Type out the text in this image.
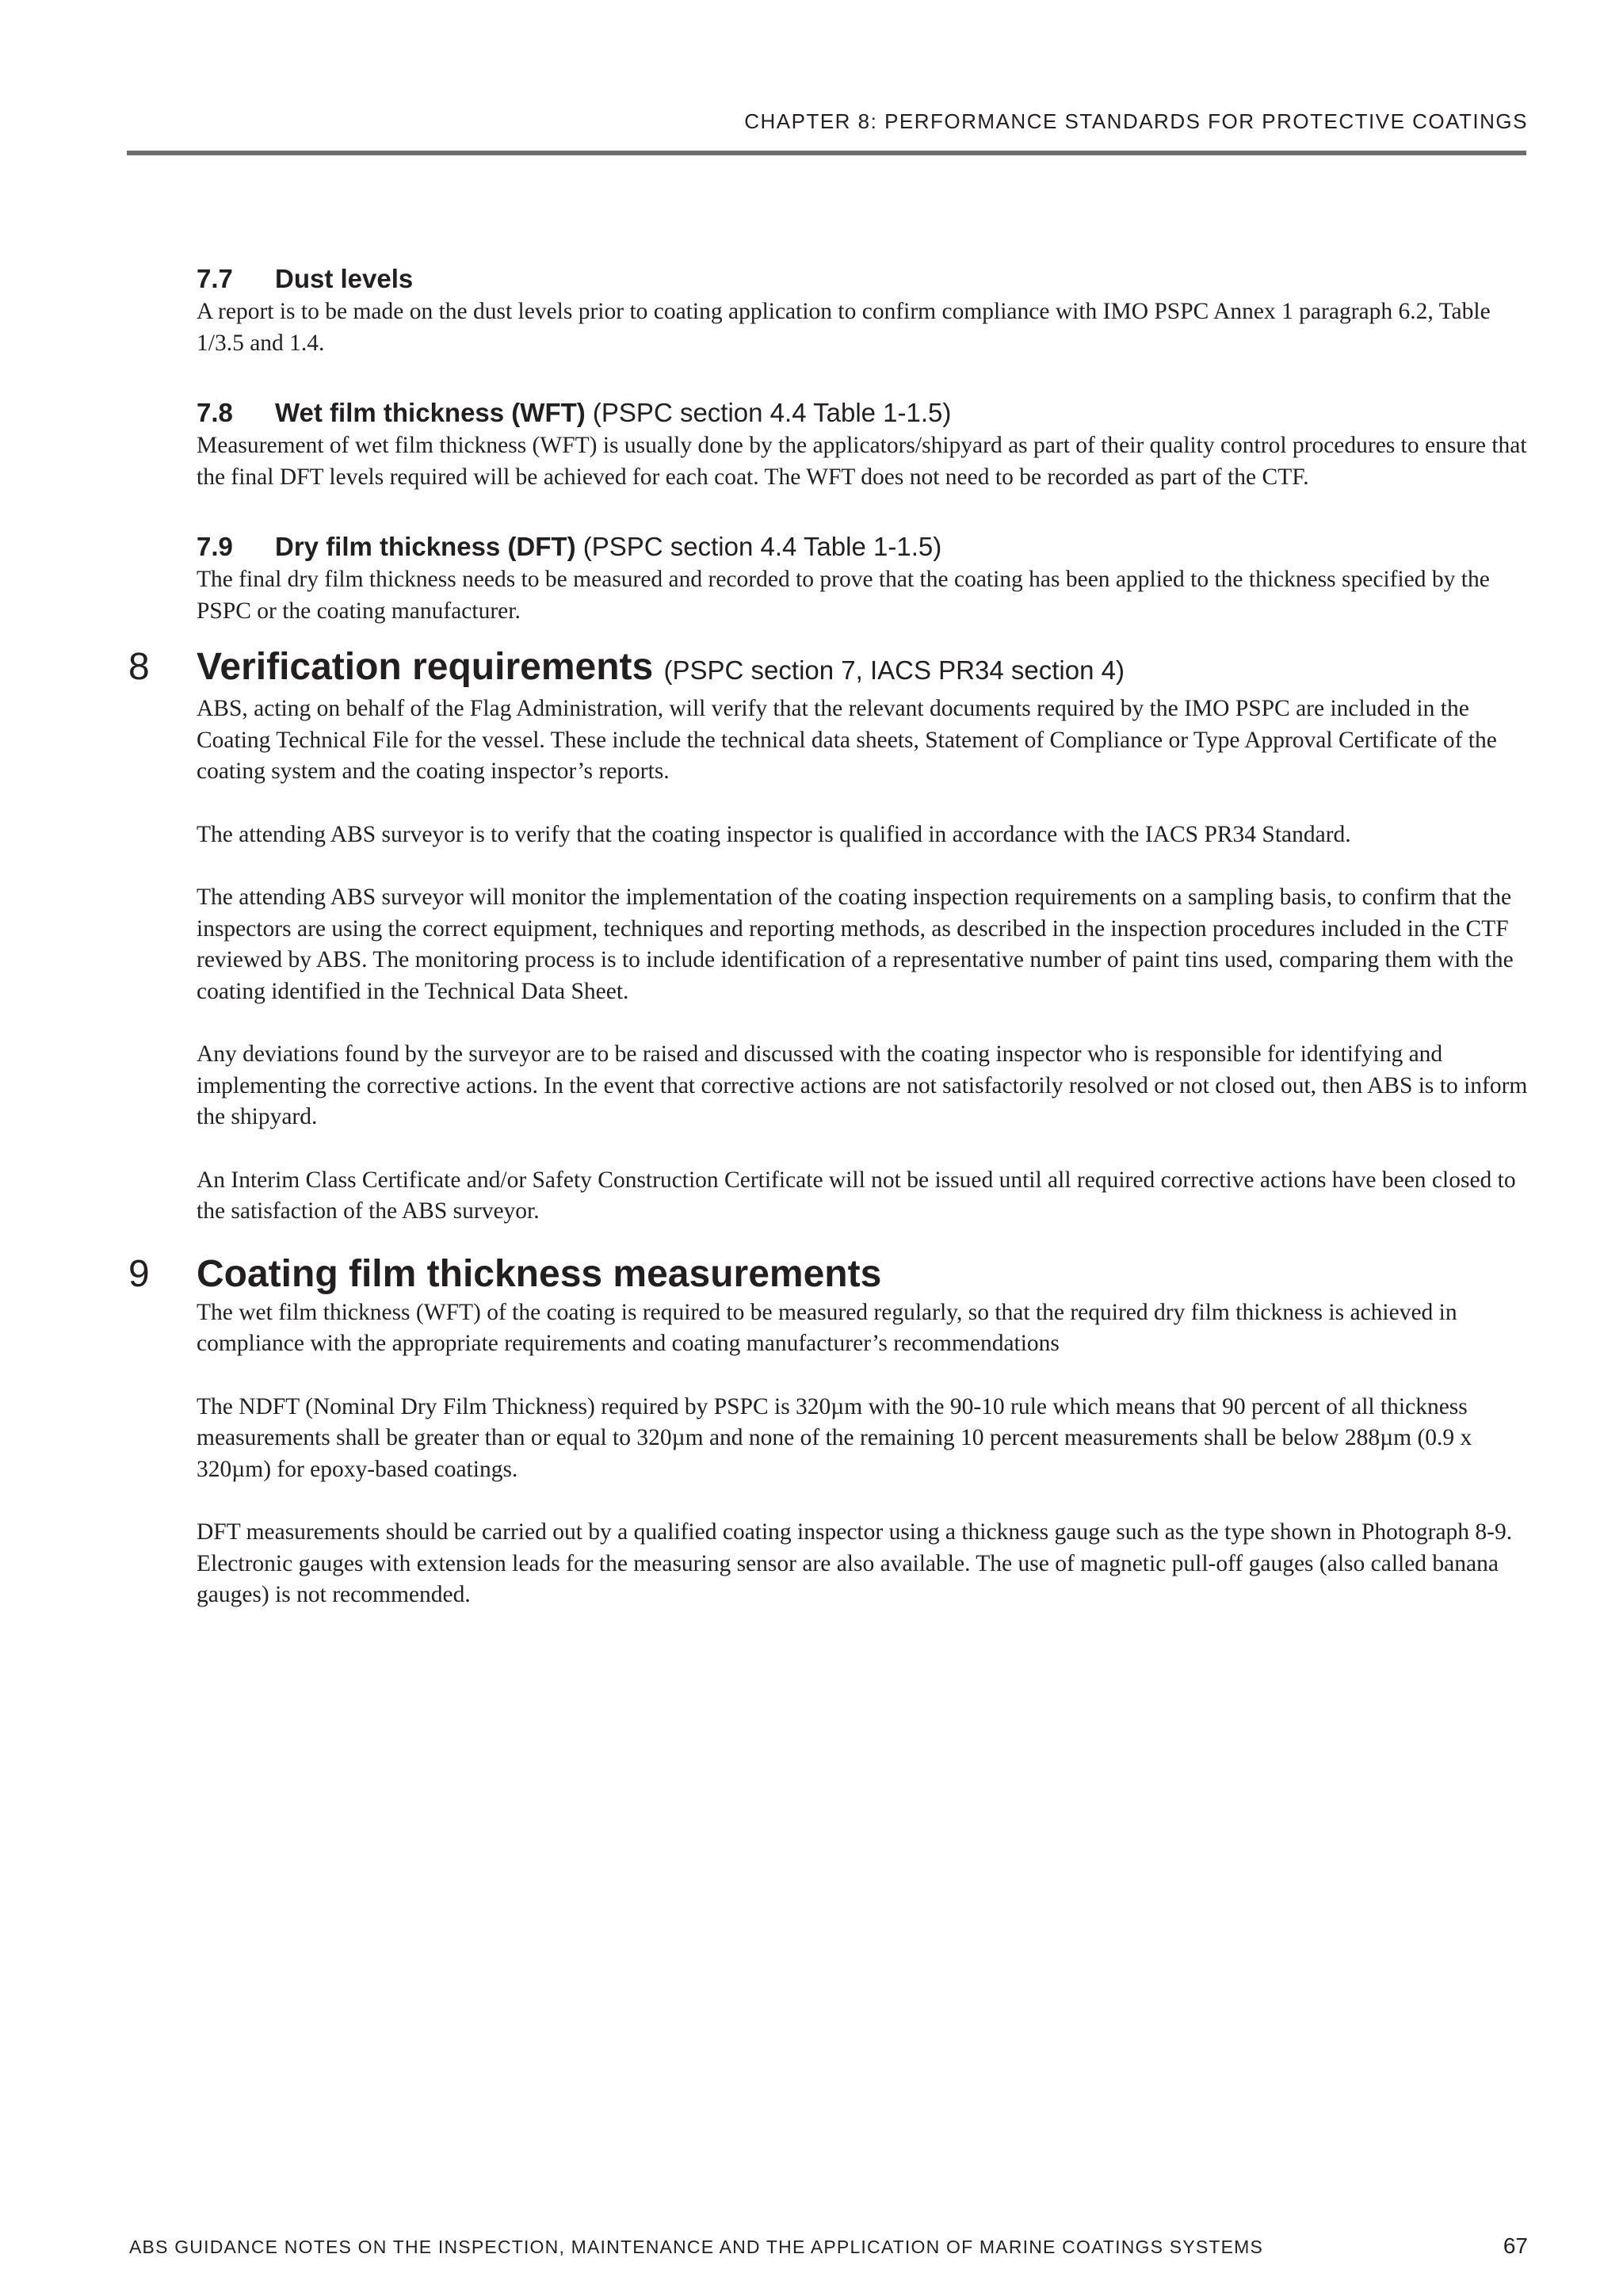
CHAPTER 8: PERFORMANCE STANDARDS FOR PROTECTIVE COATINGS
7.7 Dust levels

A report is to be made on the dust levels prior to coating application to confirm compliance with IMO PSPC Annex 1 paragraph 6.2, Table 1/3.5 and 1.4.

7.8 Wet film thickness (WFT) (PSPC section 4.4 Table 1-1.5)

Measurement of wet film thickness (WFT) is usually done by the applicators/shipyard as part of their quality control procedures to ensure that the final DFT levels required will be achieved for each coat. The WFT does not need to be recorded as part of the CTF.

7.9 Dry film thickness (DFT) (PSPC section 4.4 Table 1-1.5)

The final dry film thickness needs to be measured and recorded to prove that the coating has been applied to the thickness specified by the PSPC or the coating manufacturer.

8 Verification requirements (PSPC section 7, IACS PR34 section 4)

ABS, acting on behalf of the Flag Administration, will verify that the relevant documents required by the IMO PSPC are included in the Coating Technical File for the vessel. These include the technical data sheets, Statement of Compliance or Type Approval Certificate of the coating system and the coating inspector’s reports.

The attending ABS surveyor is to verify that the coating inspector is qualified in accordance with the IACS PR34 Standard.

The attending ABS surveyor will monitor the implementation of the coating inspection requirements on a sampling basis, to confirm that the inspectors are using the correct equipment, techniques and reporting methods, as described in the inspection procedures included in the CTF reviewed by ABS. The monitoring process is to include identification of a representative number of paint tins used, comparing them with the coating identified in the Technical Data Sheet.

Any deviations found by the surveyor are to be raised and discussed with the coating inspector who is responsible for identifying and implementing the corrective actions. In the event that corrective actions are not satisfactorily resolved or not closed out, then ABS is to inform the shipyard.

An Interim Class Certificate and/or Safety Construction Certificate will not be issued until all required corrective actions have been closed to the satisfaction of the ABS surveyor.

9 Coating film thickness measurements

The wet film thickness (WFT) of the coating is required to be measured regularly, so that the required dry film thickness is achieved in compliance with the appropriate requirements and coating manufacturer’s recommendations

The NDFT (Nominal Dry Film Thickness) required by PSPC is 320µm with the 90-10 rule which means that 90 percent of all thickness measurements shall be greater than or equal to 320µm and none of the remaining 10 percent measurements shall be below 288µm (0.9 x 320µm) for epoxy-based coatings.

DFT measurements should be carried out by a qualified coating inspector using a thickness gauge such as the type shown in Photograph 8-9. Electronic gauges with extension leads for the measuring sensor are also available. The use of magnetic pull-off gauges (also called banana gauges) is not recommended.

ABS GUIDANCE NOTES ON THE INSPECTION, MAINTENANCE AND THE APPLICATION OF MARINE COATINGS SYSTEMS	67
